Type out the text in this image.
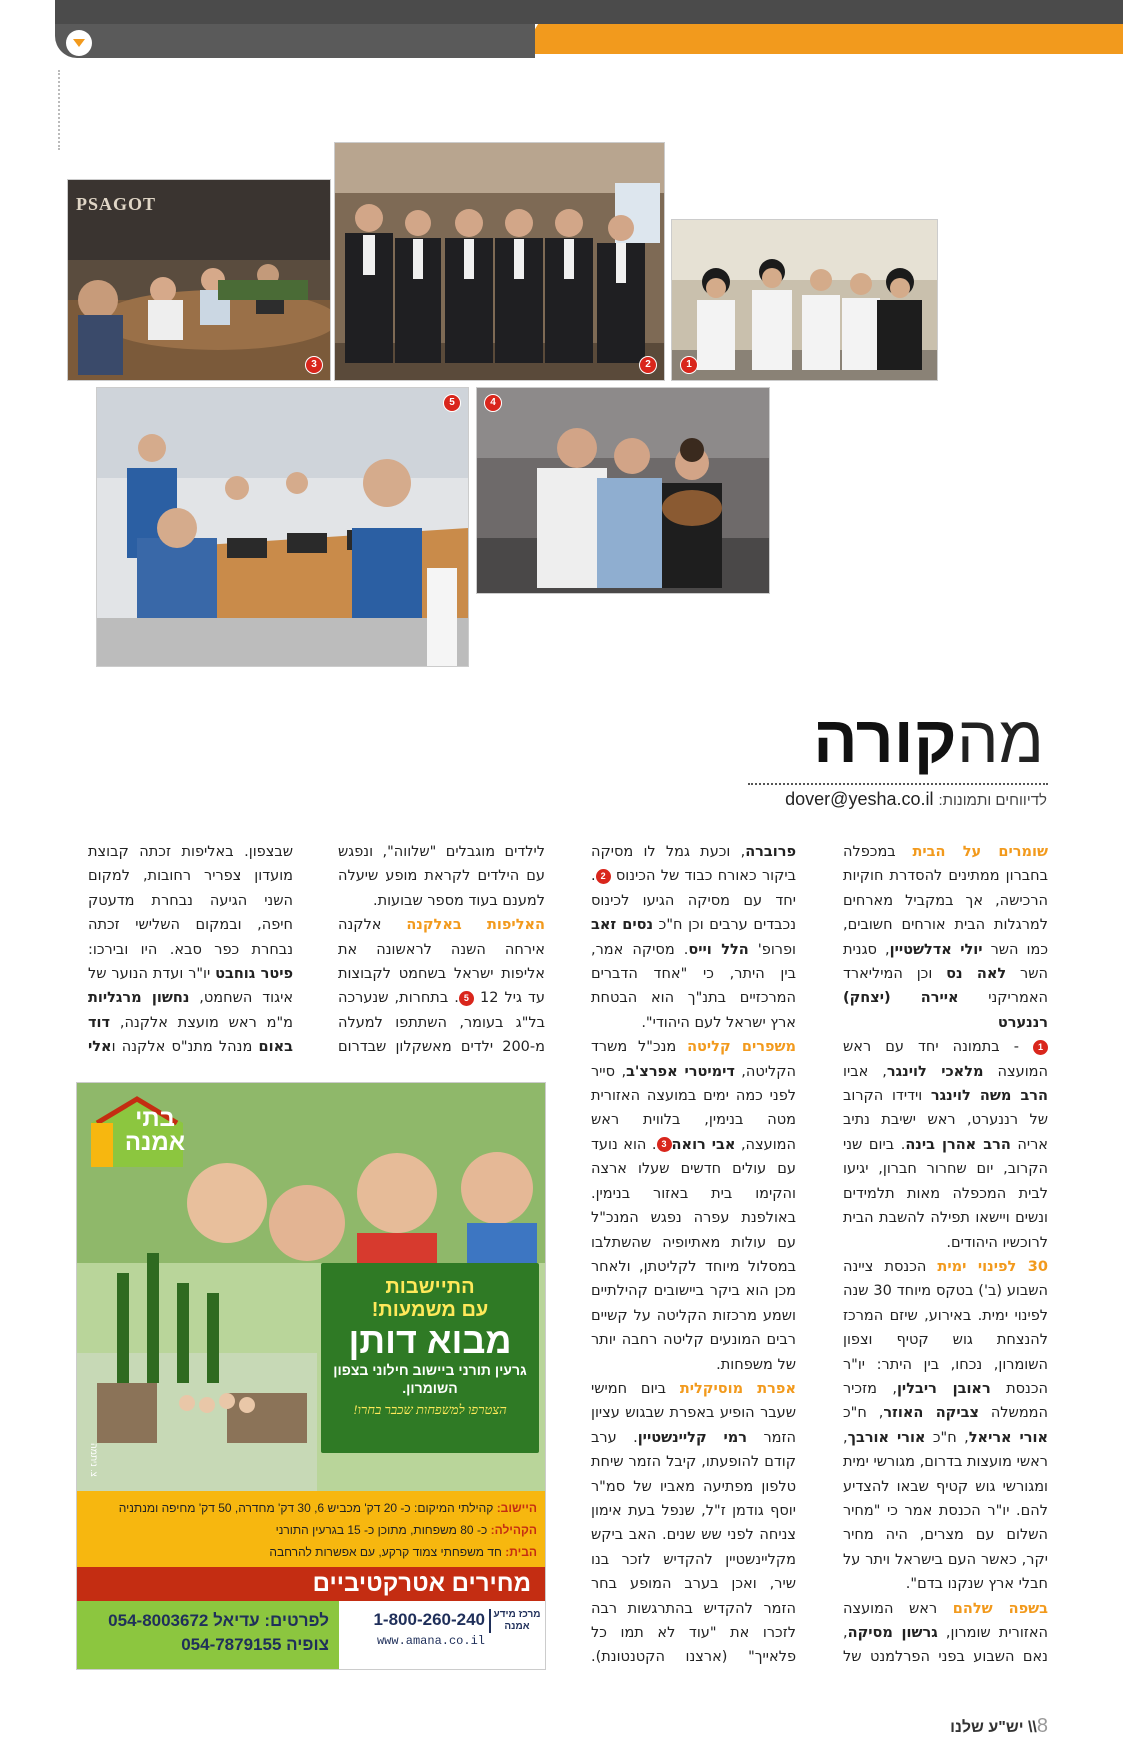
PSAGOT
3	2	1
5	4
מהקורה
לדיווחים ותמונות: dover@yesha.co.il
שומרים על הבית במכפלה בחברון ממתינים להסדרת חוקיות הרכישה, אך במקביל מארחים למרגלות הבית אורחים חשובים, כמו השר יולי אדלשטיין, סגנית השר לאה נס וכן המיליארד האמריקני איירה (יצחק) רננערט
1 - בתמונה יחד עם ראש המועצה מלאכי לוינגר, אביו הרב משה לוינגר וידידו הקרוב של רננערט, ראש ישיבת נתיב אריה הרב אהרן בינה. ביום שני הקרוב, יום שחרור חברון, יגיעו לבית המכפלה מאות תלמידים ונשים ויישאו תפילה להשבת הבית לרוכשיו היהודים.
30 לפינוי ימית הכנסת ציינה השבוע (ב') בטקס מיוחד 30 שנה לפינוי ימית. באירוע, שיזם המרכז להנצחת גוש קטיף וצפון השומרון, נכחו, בין היתר: יו"ר הכנסת ראובן ריבלין, מזכיר הממשלה צביקה האוזר, ח"כ אורי אריאל, ח"כ אורי אורבך, ראשי מועצות בדרום, מגורשי ימית ומגורשי גוש קטיף שבאו להצדיע להם. יו"ר הכנסת אמר כי "מחיר השלום עם מצרים, היה מחיר יקר, כאשר העם בישראל ויתר על חבלי ארץ שנקנו בדם".
בשפה שלהם ראש המועצה האזורית שומרון, גרשון מסיקה, נאם השבוע בפני הפרלמנט של
פרוברה, וכעת גמל לו מסיקה ביקור כאורח כבוד של הכינוס 2. יחד עם מסיקה הגיעו לכינוס נכבדים ערבים וכן ח"כ נסים זאב ופרופ' הלל וייס. מסיקה אמר, בין היתר, כי "אחד הדברים המרכזיים בתנ"ך הוא הבטחת ארץ ישראל לעם היהודי".
משפרים קליטה מנכ"ל משרד הקליטה, דימיטרי אפרצ'ב, סייר לפני כמה ימים במועצה האזורית מטה בנימין, בלווית ראש המועצה, אבי רואה3. הוא נועד עם עולים חדשים שעלו ארצה והקימו בית באזור בנימין. באולפנת עפרה נפגש המנכ"ל עם עולות מאתיופיה שהשתלבו במסלול מיוחד לקליטתן, ולאחר מכן הוא ביקר ביישובים קהילתיים ושמע מרכזות הקליטה על קשיים רבים המונעים קליטה רחבה יותר של משפחות.
אפרת מוסיקלית ביום חמישי שעבר הופיע באפרת שבגוש עציון הזמר רמי קליינשטיין. ערב קודם להופעתו, קיבל הזמר שיחת טלפון מפתיעה מאביו של סמ"ר יוסף גודמן ז"ל, שנפל בעת אימון צניחה לפני שש שנים. האב ביקש מקליינשטיין להקדיש לזכר בנו שיר, ואכן בערב המופע בחר הזמר להקדיש בהתרגשות רבה לזכרו את "עוד לא תמו כל פלאייך" (ארצנו הקטנטונת).
לילדים מוגבלים "שלווה", ונפגש עם הילדים לקראת מופע שיעלה למענם בעוד מספר שבועות.
האליפות באלקנה אלקנה אירחה השנה לראשונה את אליפות ישראל בשחמט לקבוצות עד גיל 12 5. בתחרות, שנערכה בל"ג בעומר, השתתפו למעלה מ-200 ילדים מאשקלון שבדרום
שבצפון. באליפות זכתה קבוצת מועדון צפריר רחובות, למקום השני הגיעה נבחרת מדעטק חיפה, ובמקום השלישי זכתה נבחרת כפר סבא. היו ובירכו: פיטר גוחבט יו"ר ועדת הנוער של איגוד השחמט, נחשון מרגליות מ"מ ראש מועצת אלקנה, דוד באום מנהל מתנ"ס אלקנה ואלי
בתי אמנה
התיישבות
עם משמעות!
מבוא דותן
גרעין תורני ביישוב חילוני בצפון השומרון.
הצטרפו למשפחות שכבר בחרו!
צ. ניתמה
היישוב: קהילתי המיקום: כ- 20 דק' מכביש 6, 30 דק' מחדרה, 50 דק' מחיפה ומנתניה
הקהילה: כ- 80 משפחות, מתוכן כ- 15 בגרעין התורני
הבית: חד משפחתי צמוד קרקע, עם אפשרות להרחבה
מחירים אטרקטיביים
לפרטים: עדיאל 054-8003672
צופיה 054-7879155
1-800-260-240
www.amana.co.il
מרכז מידע אמנה
8\\ יש"ע שלנו
